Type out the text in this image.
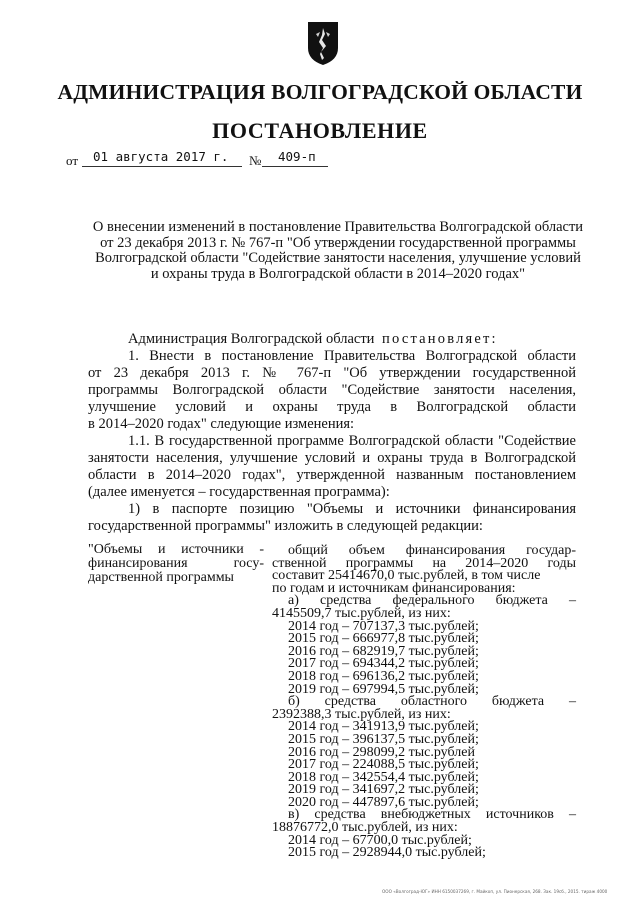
АДМИНИСТРАЦИЯ ВОЛГОГРАДСКОЙ ОБЛАСТИ
ПОСТАНОВЛЕНИЕ
от 01 августа 2017 г. № 409-п
О внесении изменений в постановление Правительства Волгоградской области
от 23 декабря 2013 г. № 767-п "Об утверждении государственной программы
Волгоградской области "Содействие занятости населения, улучшение условий
и охраны труда в Волгоградской области в 2014–2020 годах"
Администрация Волгоградской области постановляет:
1. Внести в постановление Правительства Волгоградской области
от 23 декабря 2013 г. № 767-п "Об утверждении государственной
программы Волгоградской области "Содействие занятости населения,
улучшение условий и охраны труда в Волгоградской области
в 2014–2020 годах" следующие изменения:
1.1. В государственной программе Волгоградской области "Содействие
занятости населения, улучшение условий и охраны труда в Волгоградской
области в 2014–2020 годах", утвержденной названным постановлением
(далее именуется – государственная программа):
1) в паспорте позицию "Объемы и источники финансирования
государственной программы" изложить в следующей редакции:
"Объемы и источники -
финансирования госу-
дарственной программы
общий объем финансирования государ-
ственной программы на 2014–2020 годы
составит 25414670,0 тыс.рублей, в том числе
по годам и источникам финансирования:
а) средства федерального бюджета –
4145509,7 тыс.рублей, из них:
2014 год – 707137,3 тыс.рублей;
2015 год – 666977,8 тыс.рублей;
2016 год – 682919,7 тыс.рублей;
2017 год – 694344,2 тыс.рублей;
2018 год – 696136,2 тыс.рублей;
2019 год – 697994,5 тыс.рублей;
б) средства областного бюджета –
2392388,3 тыс.рублей, из них:
2014 год – 341913,9 тыс.рублей;
2015 год – 396137,5 тыс.рублей;
2016 год – 298099,2 тыс.рублей
2017 год – 224088,5 тыс.рублей;
2018 год – 342554,4 тыс.рублей;
2019 год – 341697,2 тыс.рублей;
2020 год – 447897,6 тыс.рублей;
в) средства внебюджетных источников –
18876772,0 тыс.рублей, из них:
2014 год – 67700,0 тыс.рублей;
2015 год – 2928944,0 тыс.рублей;
ООО «Волгоград-ЮГ» ИНН 6150037269, г. Майкоп, ул. Пионерская, 268. Зак. 19сб., 2015. тираж 4000
